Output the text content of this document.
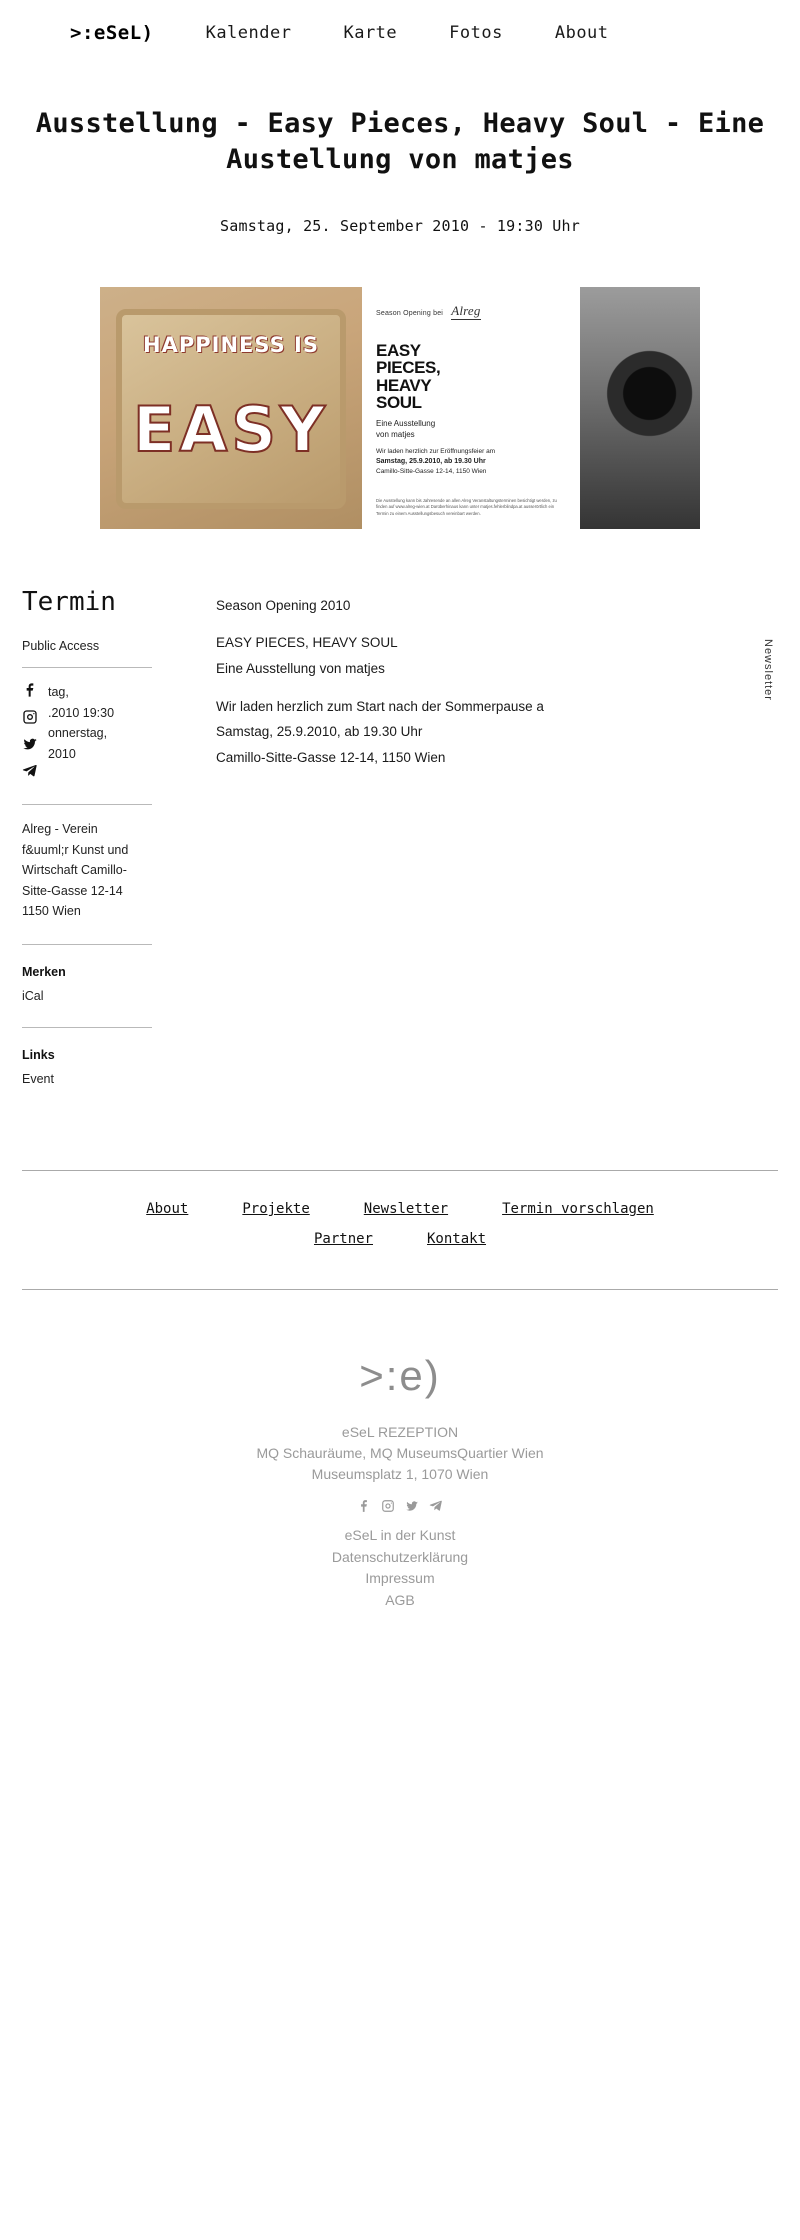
>:eSeL)	Kalender	Karte	Fotos	About
Ausstellung - Easy Pieces, Heavy Soul - Eine Austellung von matjes
Samstag, 25. September 2010 - 19:30 Uhr
HAPPINESS IS
EASY
Season Opening bei Alreg
EASY
PIECES,
HEAVY
SOUL
Eine Ausstellung
von matjes
Wir laden herzlich zur Eröffnungsfeier am
Samstag, 25.9.2010, ab 19.30 Uhr
Camillo-Sitte-Gasse 12-14, 1150 Wien
Die Ausstellung kann bis Jahresende an allen Alreg Veranstaltungsterminen besichtigt werden, zu finden auf www.alreg-wien.at Darüberhinaus kann unter matjes.fehlerblindpa.at ausserörtlich ein Termin zu einem Ausstellungsbesuch vereinbart werden.
Termin
Public Access
tag,
.2010 19:30
onnerstag,
2010
Alreg - Verein f&uuml;r Kunst und Wirtschaft Camillo-Sitte-Gasse 12-14 1150 Wien
Merken
iCal
Links
Event

Season Opening 2010

EASY PIECES, HEAVY SOUL

Eine Ausstellung von matjes

Wir laden herzlich zum Start nach der Sommerpause a

Samstag, 25.9.2010, ab 19.30 Uhr

Camillo-Sitte-Gasse 12-14, 1150 Wien

Newsletter
About	Projekte	Newsletter	Termin vorschlagen
Partner	Kontakt
>:e)
eSeL REZEPTION
MQ Schauräume, MQ MuseumsQuartier Wien
Museumsplatz 1, 1070 Wien
eSeL in der Kunst
Datenschutzerklärung
Impressum
AGB
